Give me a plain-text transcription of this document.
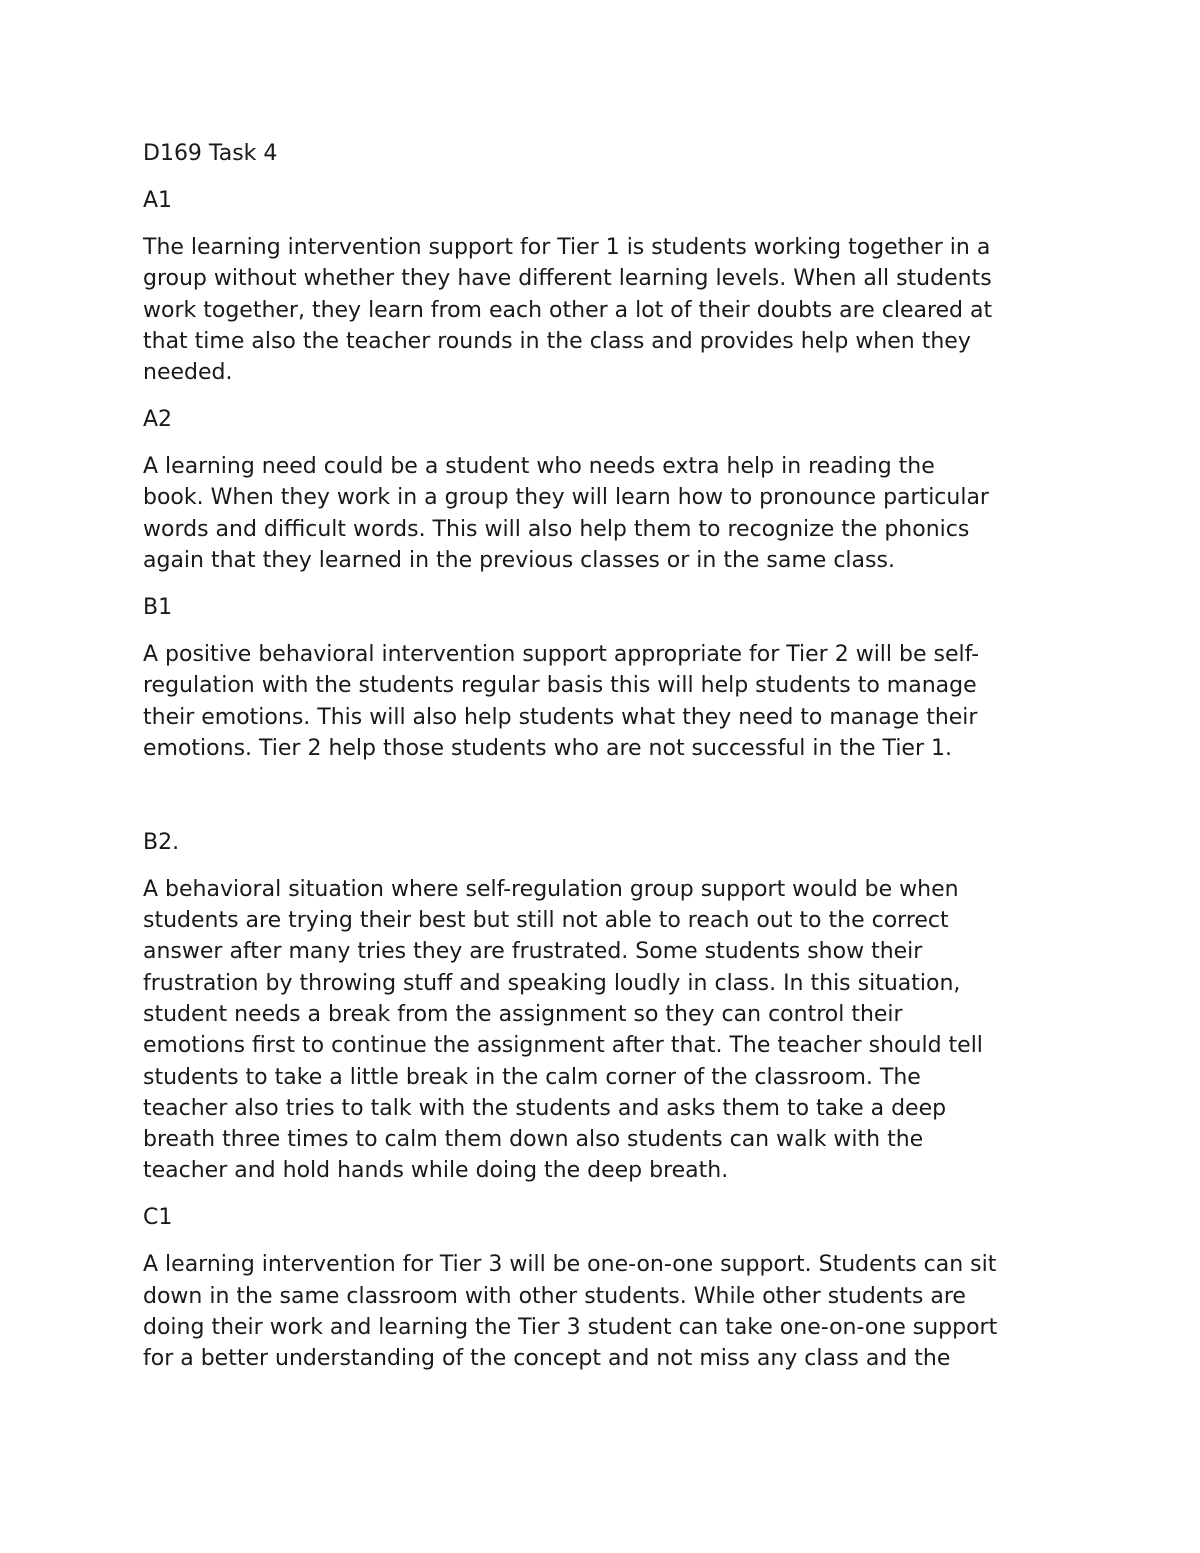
D169 Task 4

A1

The learning intervention support for Tier 1 is students working together in a
group without whether they have different learning levels. When all students
work together, they learn from each other a lot of their doubts are cleared at
that time also the teacher rounds in the class and provides help when they
needed.

A2

A learning need could be a student who needs extra help in reading the
book. When they work in a group they will learn how to pronounce particular
words and difficult words. This will also help them to recognize the phonics
again that they learned in the previous classes or in the same class.

B1

A positive behavioral intervention support appropriate for Tier 2 will be self-
regulation with the students regular basis this will help students to manage
their emotions. This will also help students what they need to manage their
emotions. Tier 2 help those students who are not successful in the Tier 1.

B2.

A behavioral situation where self-regulation group support would be when
students are trying their best but still not able to reach out to the correct
answer after many tries they are frustrated. Some students show their
frustration by throwing stuff and speaking loudly in class. In this situation,
student needs a break from the assignment so they can control their
emotions first to continue the assignment after that. The teacher should tell
students to take a little break in the calm corner of the classroom. The
teacher also tries to talk with the students and asks them to take a deep
breath three times to calm them down also students can walk with the
teacher and hold hands while doing the deep breath.

C1

A learning intervention for Tier 3 will be one-on-one support. Students can sit
down in the same classroom with other students. While other students are
doing their work and learning the Tier 3 student can take one-on-one support
for a better understanding of the concept and not miss any class and the
